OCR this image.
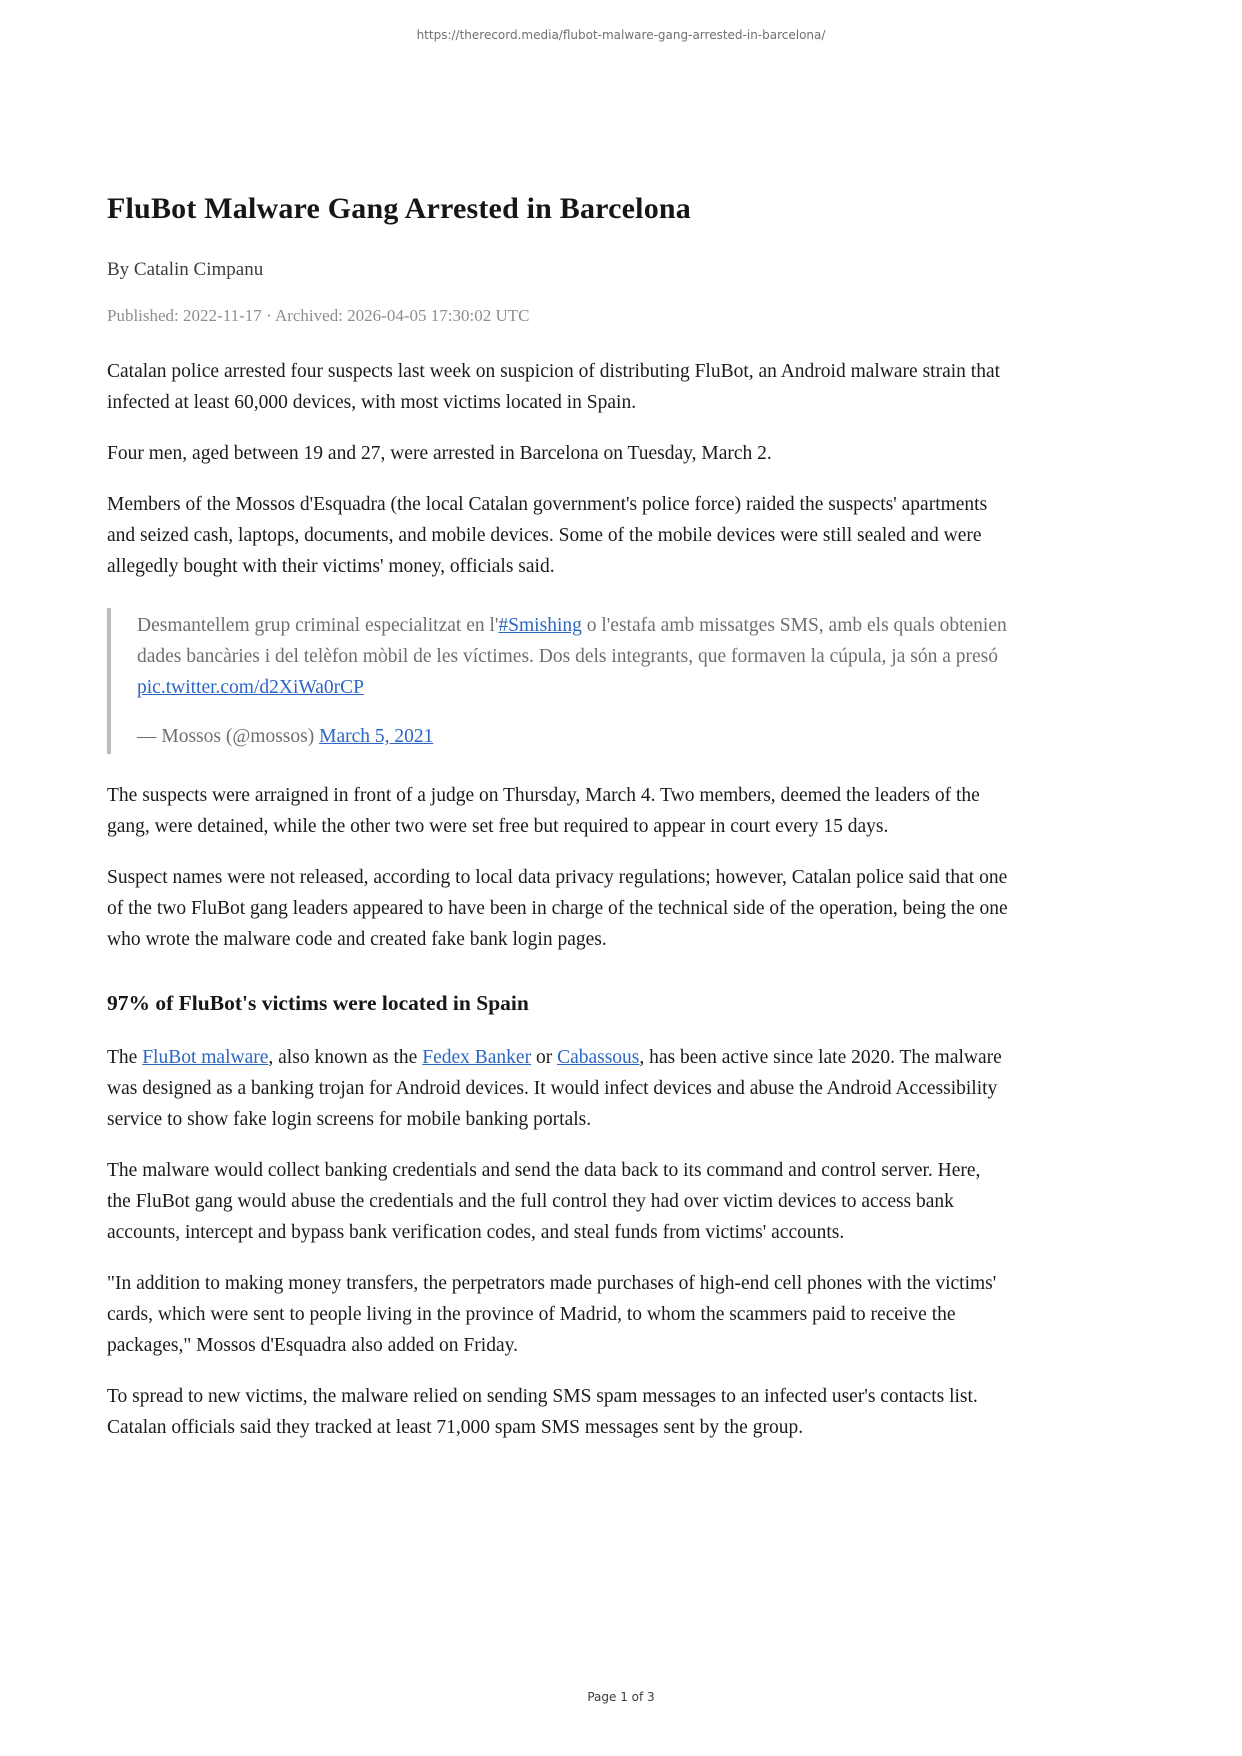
https://therecord.media/flubot-malware-gang-arrested-in-barcelona/
FluBot Malware Gang Arrested in Barcelona

By Catalin Cimpanu

Published: 2022-11-17 · Archived: 2026-04-05 17:30:02 UTC

Catalan police arrested four suspects last week on suspicion of distributing FluBot, an Android malware strain that infected at least 60,000 devices, with most victims located in Spain.

Four men, aged between 19 and 27, were arrested in Barcelona on Tuesday, March 2.

Members of the Mossos d'Esquadra (the local Catalan government's police force) raided the suspects' apartments and seized cash, laptops, documents, and mobile devices. Some of the mobile devices were still sealed and were allegedly bought with their victims' money, officials said.

Desmantellem grup criminal especialitzat en l'#Smishing o l'estafa amb missatges SMS, amb els quals obtenien dades bancàries i del telèfon mòbil de les víctimes. Dos dels integrants, que formaven la cúpula, ja són a presó pic.twitter.com/d2XiWa0rCP

— Mossos (@mossos) March 5, 2021

The suspects were arraigned in front of a judge on Thursday, March 4. Two members, deemed the leaders of the gang, were detained, while the other two were set free but required to appear in court every 15 days.

Suspect names were not released, according to local data privacy regulations; however, Catalan police said that one of the two FluBot gang leaders appeared to have been in charge of the technical side of the operation, being the one who wrote the malware code and created fake bank login pages.

97% of FluBot's victims were located in Spain

The FluBot malware, also known as the Fedex Banker or Cabassous, has been active since late 2020. The malware was designed as a banking trojan for Android devices. It would infect devices and abuse the Android Accessibility service to show fake login screens for mobile banking portals.

The malware would collect banking credentials and send the data back to its command and control server. Here, the FluBot gang would abuse the credentials and the full control they had over victim devices to access bank accounts, intercept and bypass bank verification codes, and steal funds from victims' accounts.

"In addition to making money transfers, the perpetrators made purchases of high-end cell phones with the victims' cards, which were sent to people living in the province of Madrid, to whom the scammers paid to receive the packages," Mossos d'Esquadra also added on Friday.

To spread to new victims, the malware relied on sending SMS spam messages to an infected user's contacts list. Catalan officials said they tracked at least 71,000 spam SMS messages sent by the group.

Page 1 of 3
